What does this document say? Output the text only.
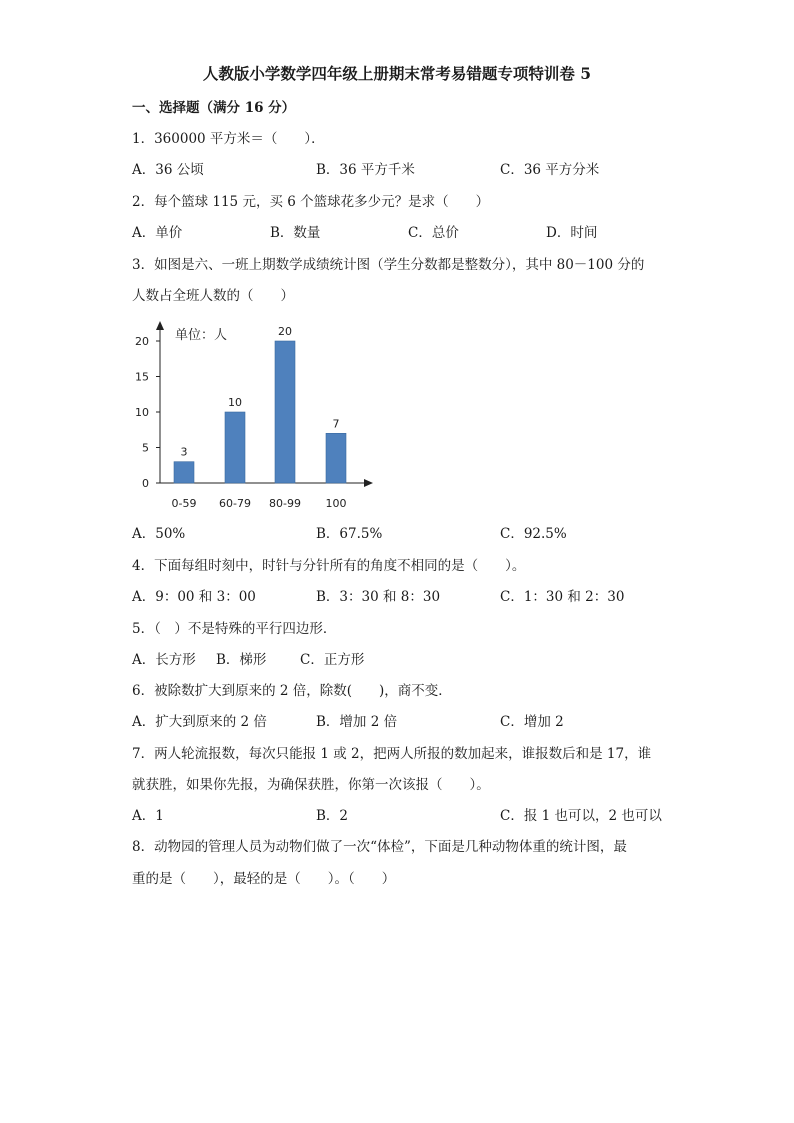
人教版小学数学四年级上册期末常考易错题专项特训卷 5
一、选择题（满分 16 分）
1．360000 平方米＝（　　）．
A．36 公顷	B．36 平方千米	C．36 平方分米
2．每个篮球 115 元，买 6 个篮球花多少元？是求（　　）
A．单价	B．数量	C．总价	D．时间
3．如图是六、一班上期数学成绩统计图（学生分数都是整数分），其中 80－100 分的
人数占全班人数的（　　）
0
5
10
15
20
3
0-59
10
60-79
20
80-99
7
100
单位：人
A．50%	B．67.5%	C．92.5%
4．下面每组时刻中，时针与分针所有的角度不相同的是（　　）。
A．9：00 和 3：00	B．3：30 和 8：30	C．1：30 和 2：30
5．（　）不是特殊的平行四边形．
A．长方形 B．梯形 C．正方形
6．被除数扩大到原来的 2 倍，除数(　　)，商不变．
A．扩大到原来的 2 倍	B．增加 2 倍	C．增加 2
7．两人轮流报数，每次只能报 1 或 2，把两人所报的数加起来，谁报数后和是 17，谁
就获胜，如果你先报，为确保获胜，你第一次该报（　　）。
A．1	B．2	C．报 1 也可以，2 也可以
8．动物园的管理人员为动物们做了一次“体检”，下面是几种动物体重的统计图，最
重的是（　　），最轻的是（　　）。（　　）
